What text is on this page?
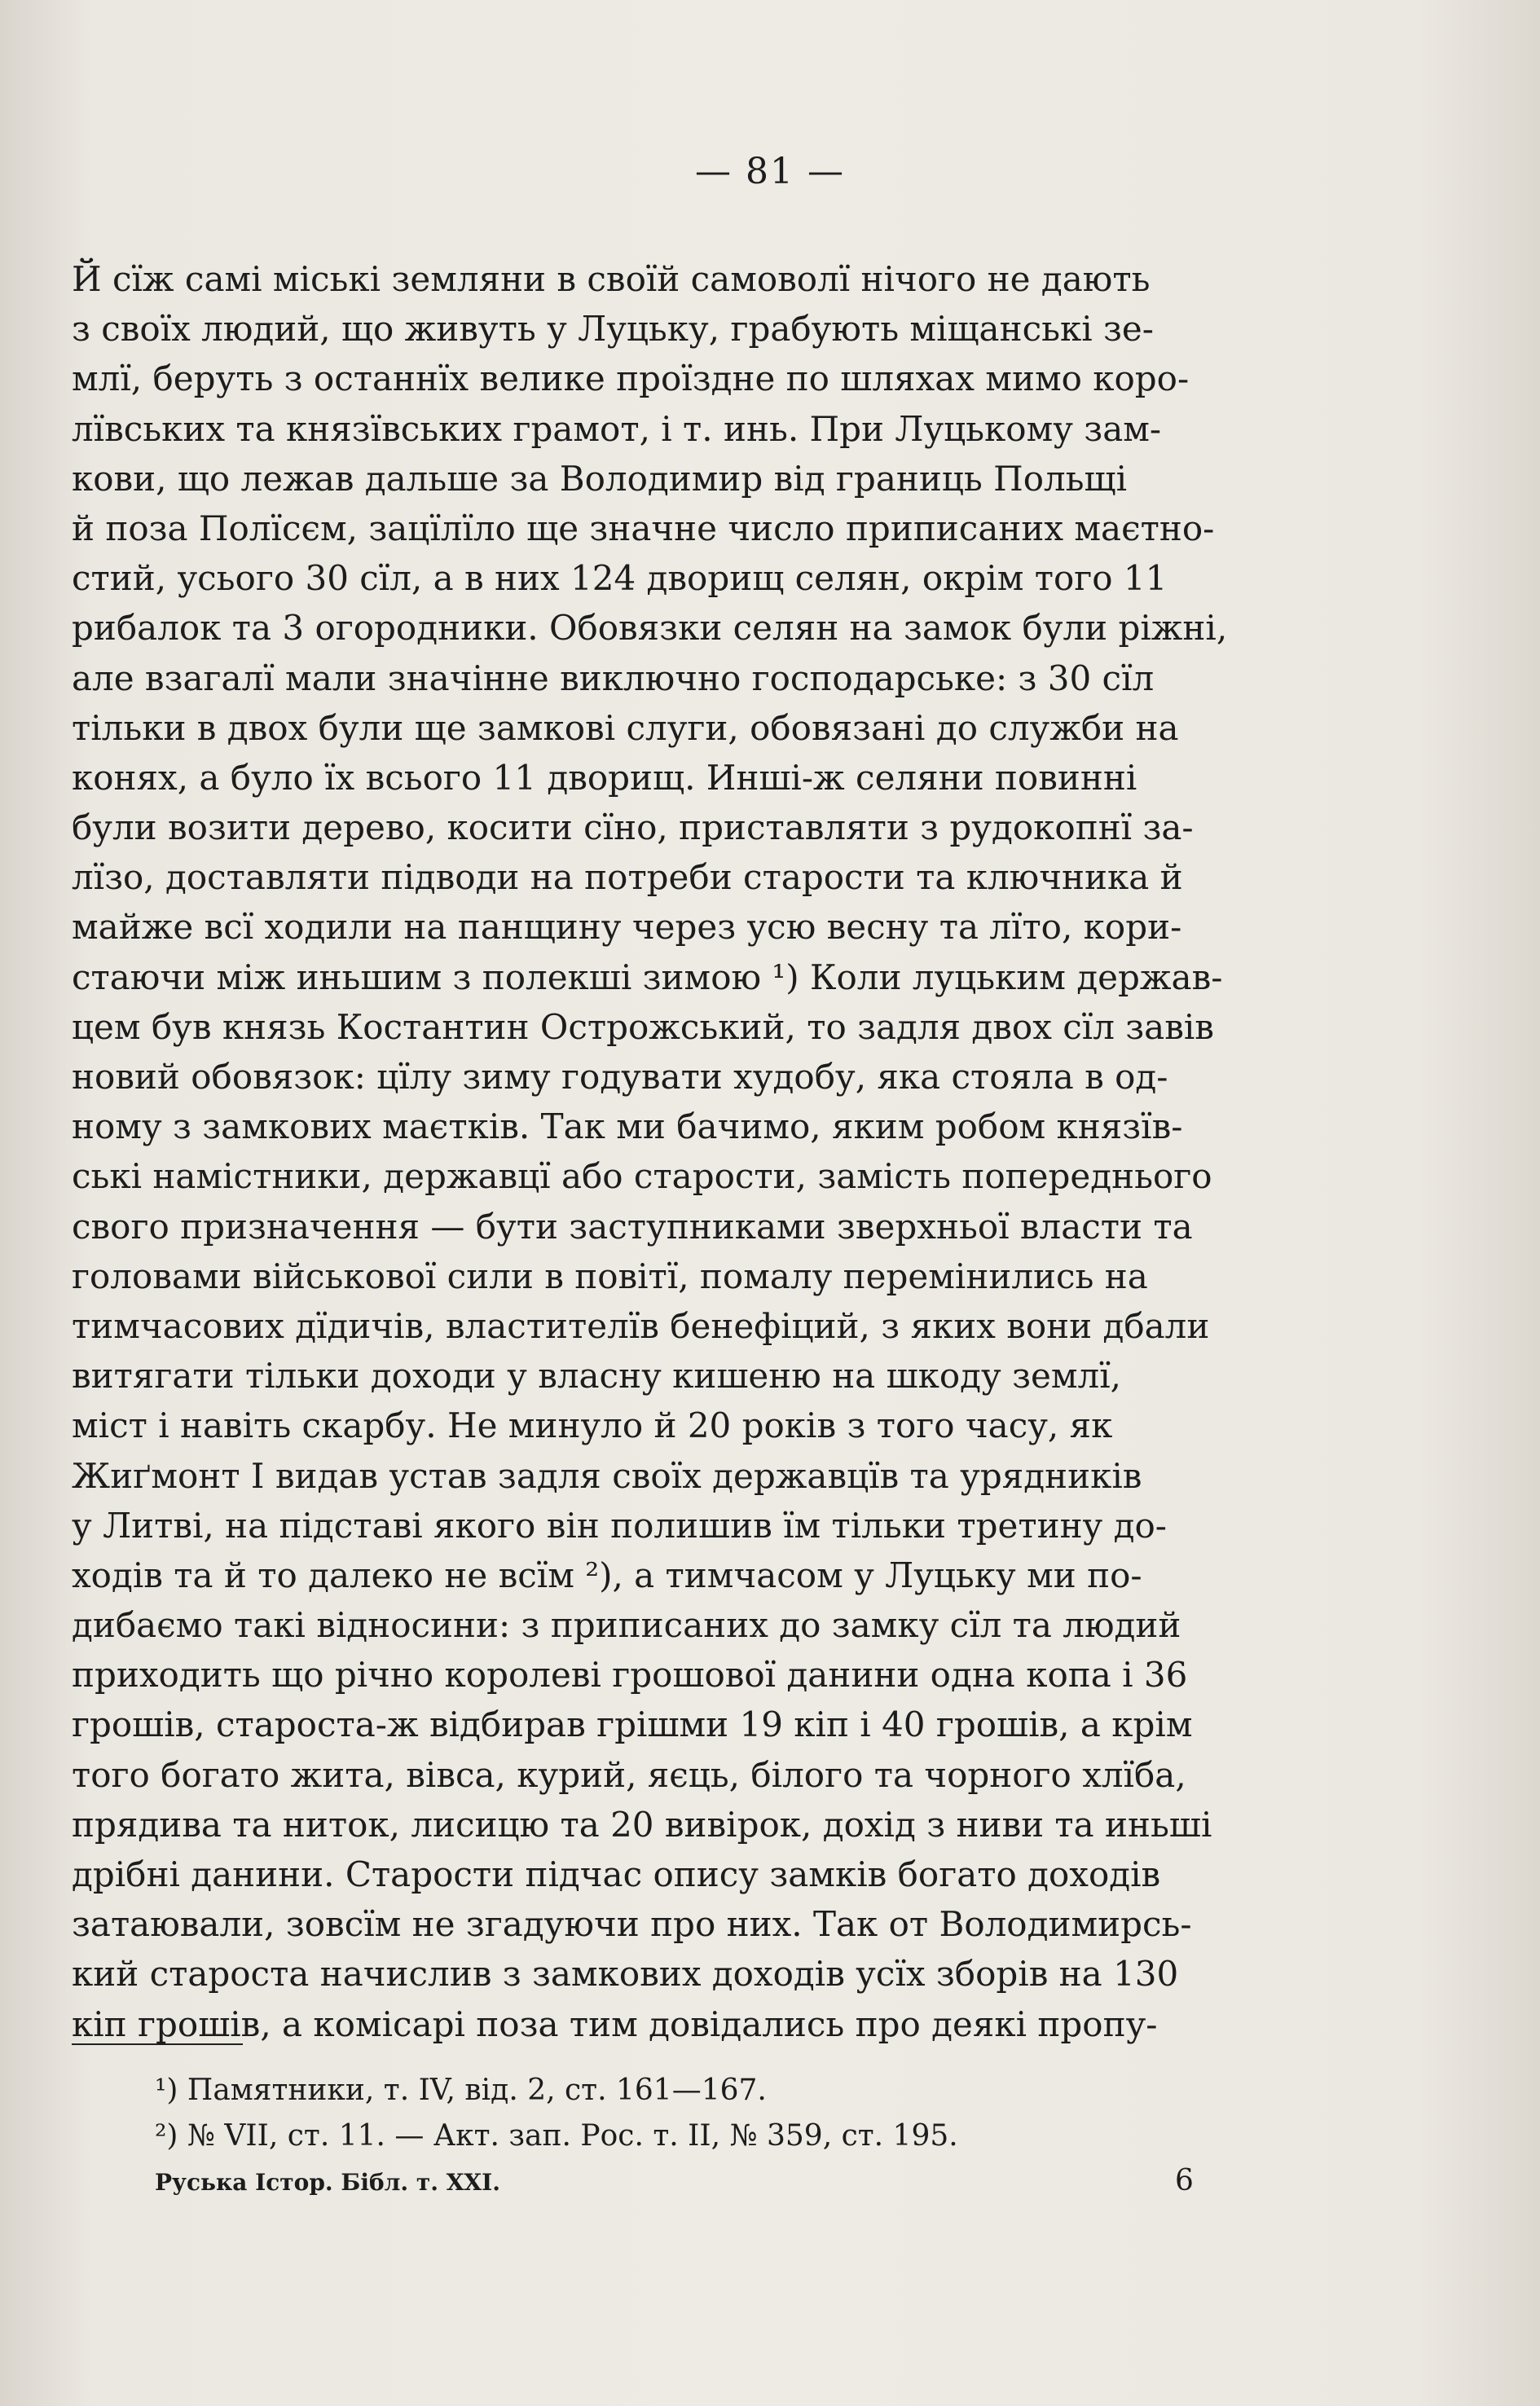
— 81 —
Й сїж самі міські земляни в своїй самоволї нічого не дають
з своїх людий, що живуть у Луцьку, грабують міщанські зе-
млї, беруть з останнїх велике проїздне по шляхах мимо коро-
лївських та князївських грамот, і т. инь. При Луцькому зам-
кови, що лежав дальше за Володимир від границь Польщі
й поза Полїсєм, зацїлїло ще значне число приписаних маєтно-
стий, усього 30 сїл, а в них 124 дворищ селян, окрім того 11
рибалок та 3 огородники. Обовязки селян на замок були ріжні,
але взагалї мали значінне виключно господарське: з 30 сїл
тільки в двох були ще замкові слуги, обовязані до служби на
конях, а було їх всього 11 дворищ. Инші-ж селяни повинні
були возити дерево, косити сїно, приставляти з рудокопнї за-
лїзо, доставляти підводи на потреби старости та ключника й
майже всї ходили на панщину через усю весну та лїто, кори-
стаючи між иньшим з полекші зимою ¹) Коли луцьким держав-
цем був князь Костантин Острожський, то задля двох сїл завів
новий обовязок: цїлу зиму годувати худобу, яка стояла в од-
ному з замкових маєтків. Так ми бачимо, яким робом князїв-
ські намістники, державцї або старости, замість попереднього
свого призначення — бути заступниками зверхньої власти та
головами військової сили в повітї, помалу перемінились на
тимчасових дїдичів, властителїв бенефіций, з яких вони дбали
витягати тільки доходи у власну кишеню на шкоду землї,
міст і навіть скарбу. Не минуло й 20 років з того часу, як
Жиґмонт I видав устав задля своїх державцїв та урядників
у Литві, на підставі якого він полишив їм тільки третину до-
ходів та й то далеко не всїм ²), а тимчасом у Луцьку ми по-
дибаємо такі відносини: з приписаних до замку сїл та людий
приходить що річно королеві грошової данини одна копа і 36
грошів, староста-ж відбирав грішми 19 кіп і 40 грошів, а крім
того богато жита, вівса, курий, яєць, білого та чорного хлїба,
прядива та ниток, лисицю та 20 вивірок, дохід з ниви та иньші
дрібні данини. Старости підчас опису замків богато доходів
затаювали, зовсїм не згадуючи про них. Так от Володимирсь-
кий староста начислив з замкових доходів усїх зборів на 130
кіп грошів, а комісарі поза тим довідались про деякі пропу-
¹) Памятники, т. IV, від. 2, ст. 161—167.
²) № VII, ст. 11. — Акт. зап. Рос. т. II, № 359, ст. 195.
Руська Істор. Бібл. т. XXI.	6
